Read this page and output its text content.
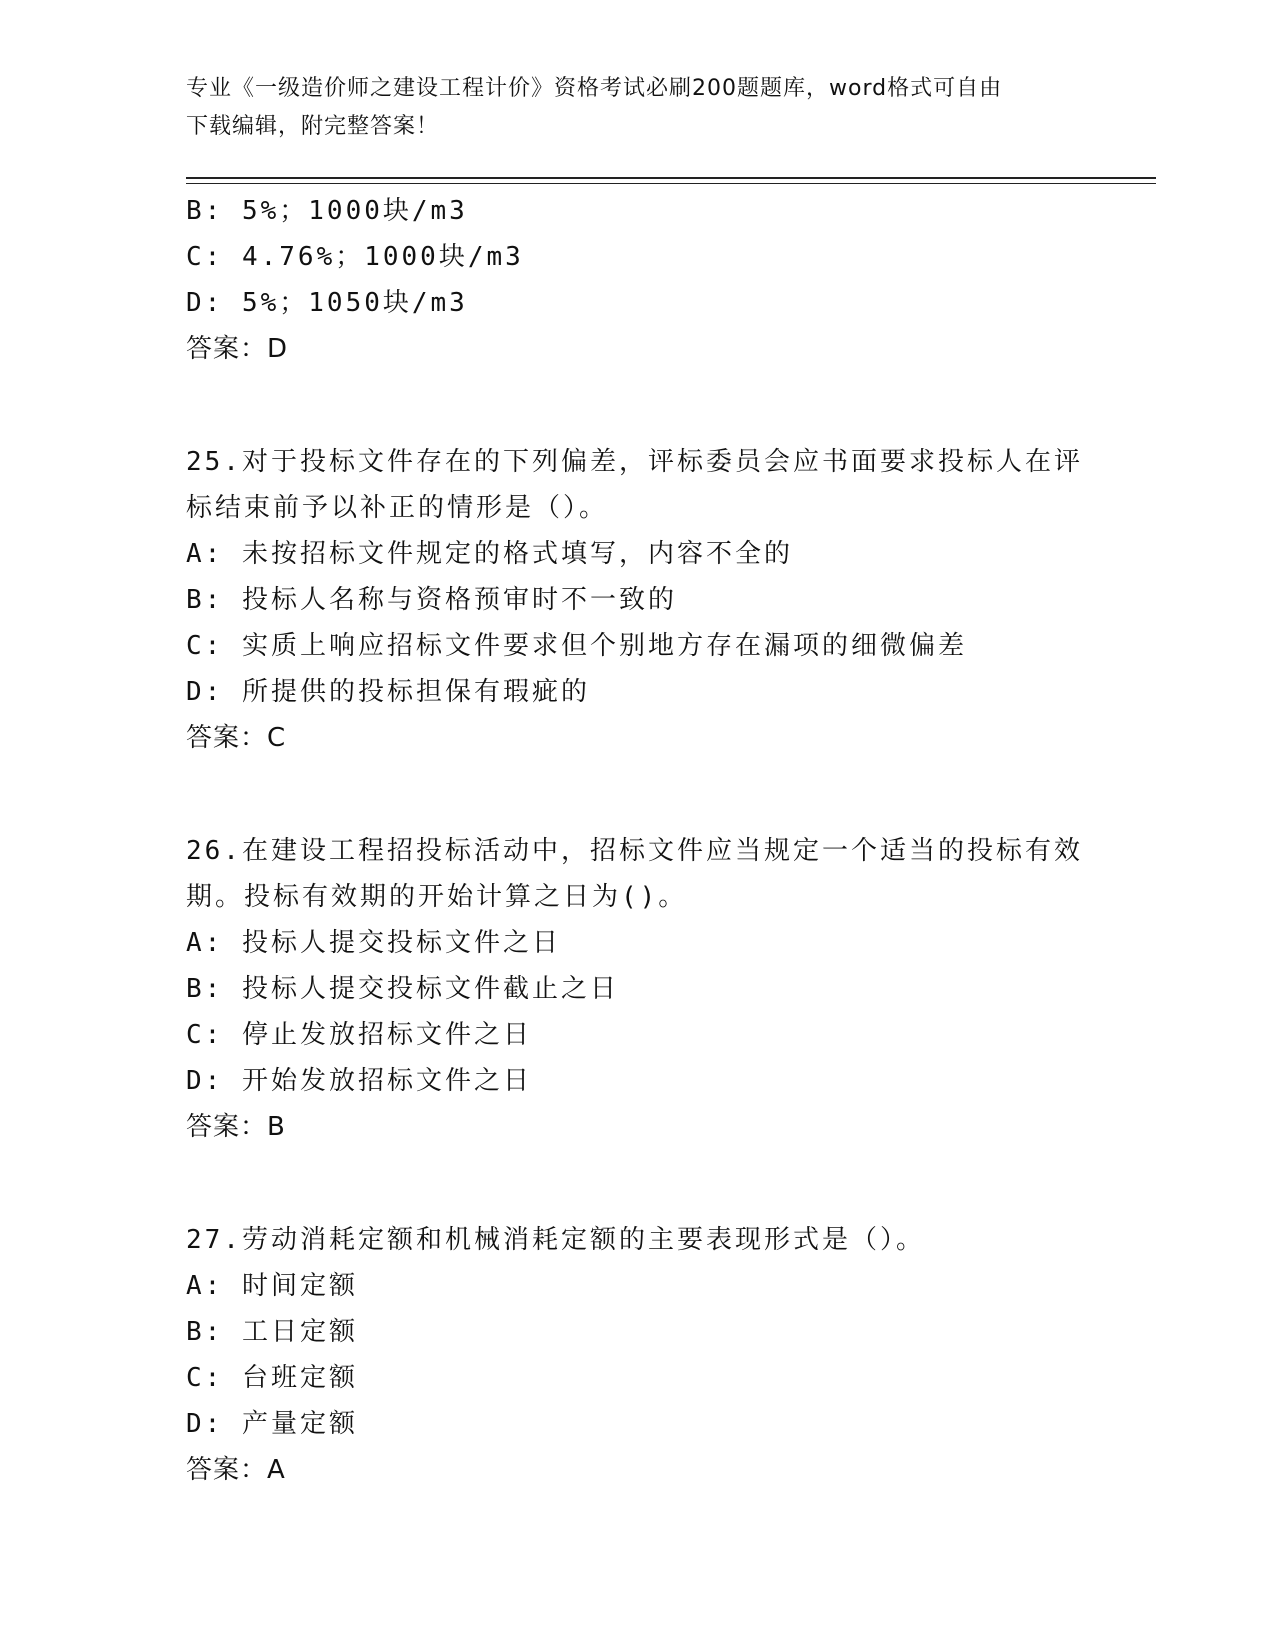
专业《一级造价师之建设工程计价》资格考试必刷200题题库，word格式可自由
下载编辑，附完整答案！
B: 5%；1000块/m3
C: 4.76%；1000块/m3
D: 5%；1050块/m3
答案：D
25.对于投标文件存在的下列偏差，评标委员会应书面要求投标人在评
标结束前予以补正的情形是（）。
A: 未按招标文件规定的格式填写，内容不全的
B: 投标人名称与资格预审时不一致的
C: 实质上响应招标文件要求但个别地方存在漏项的细微偏差
D: 所提供的投标担保有瑕疵的
答案：C
26.在建设工程招投标活动中，招标文件应当规定一个适当的投标有效
期。投标有效期的开始计算之日为()。
A: 投标人提交投标文件之日
B: 投标人提交投标文件截止之日
C: 停止发放招标文件之日
D: 开始发放招标文件之日
答案：B
27.劳动消耗定额和机械消耗定额的主要表现形式是（）。
A: 时间定额
B: 工日定额
C: 台班定额
D: 产量定额
答案：A
